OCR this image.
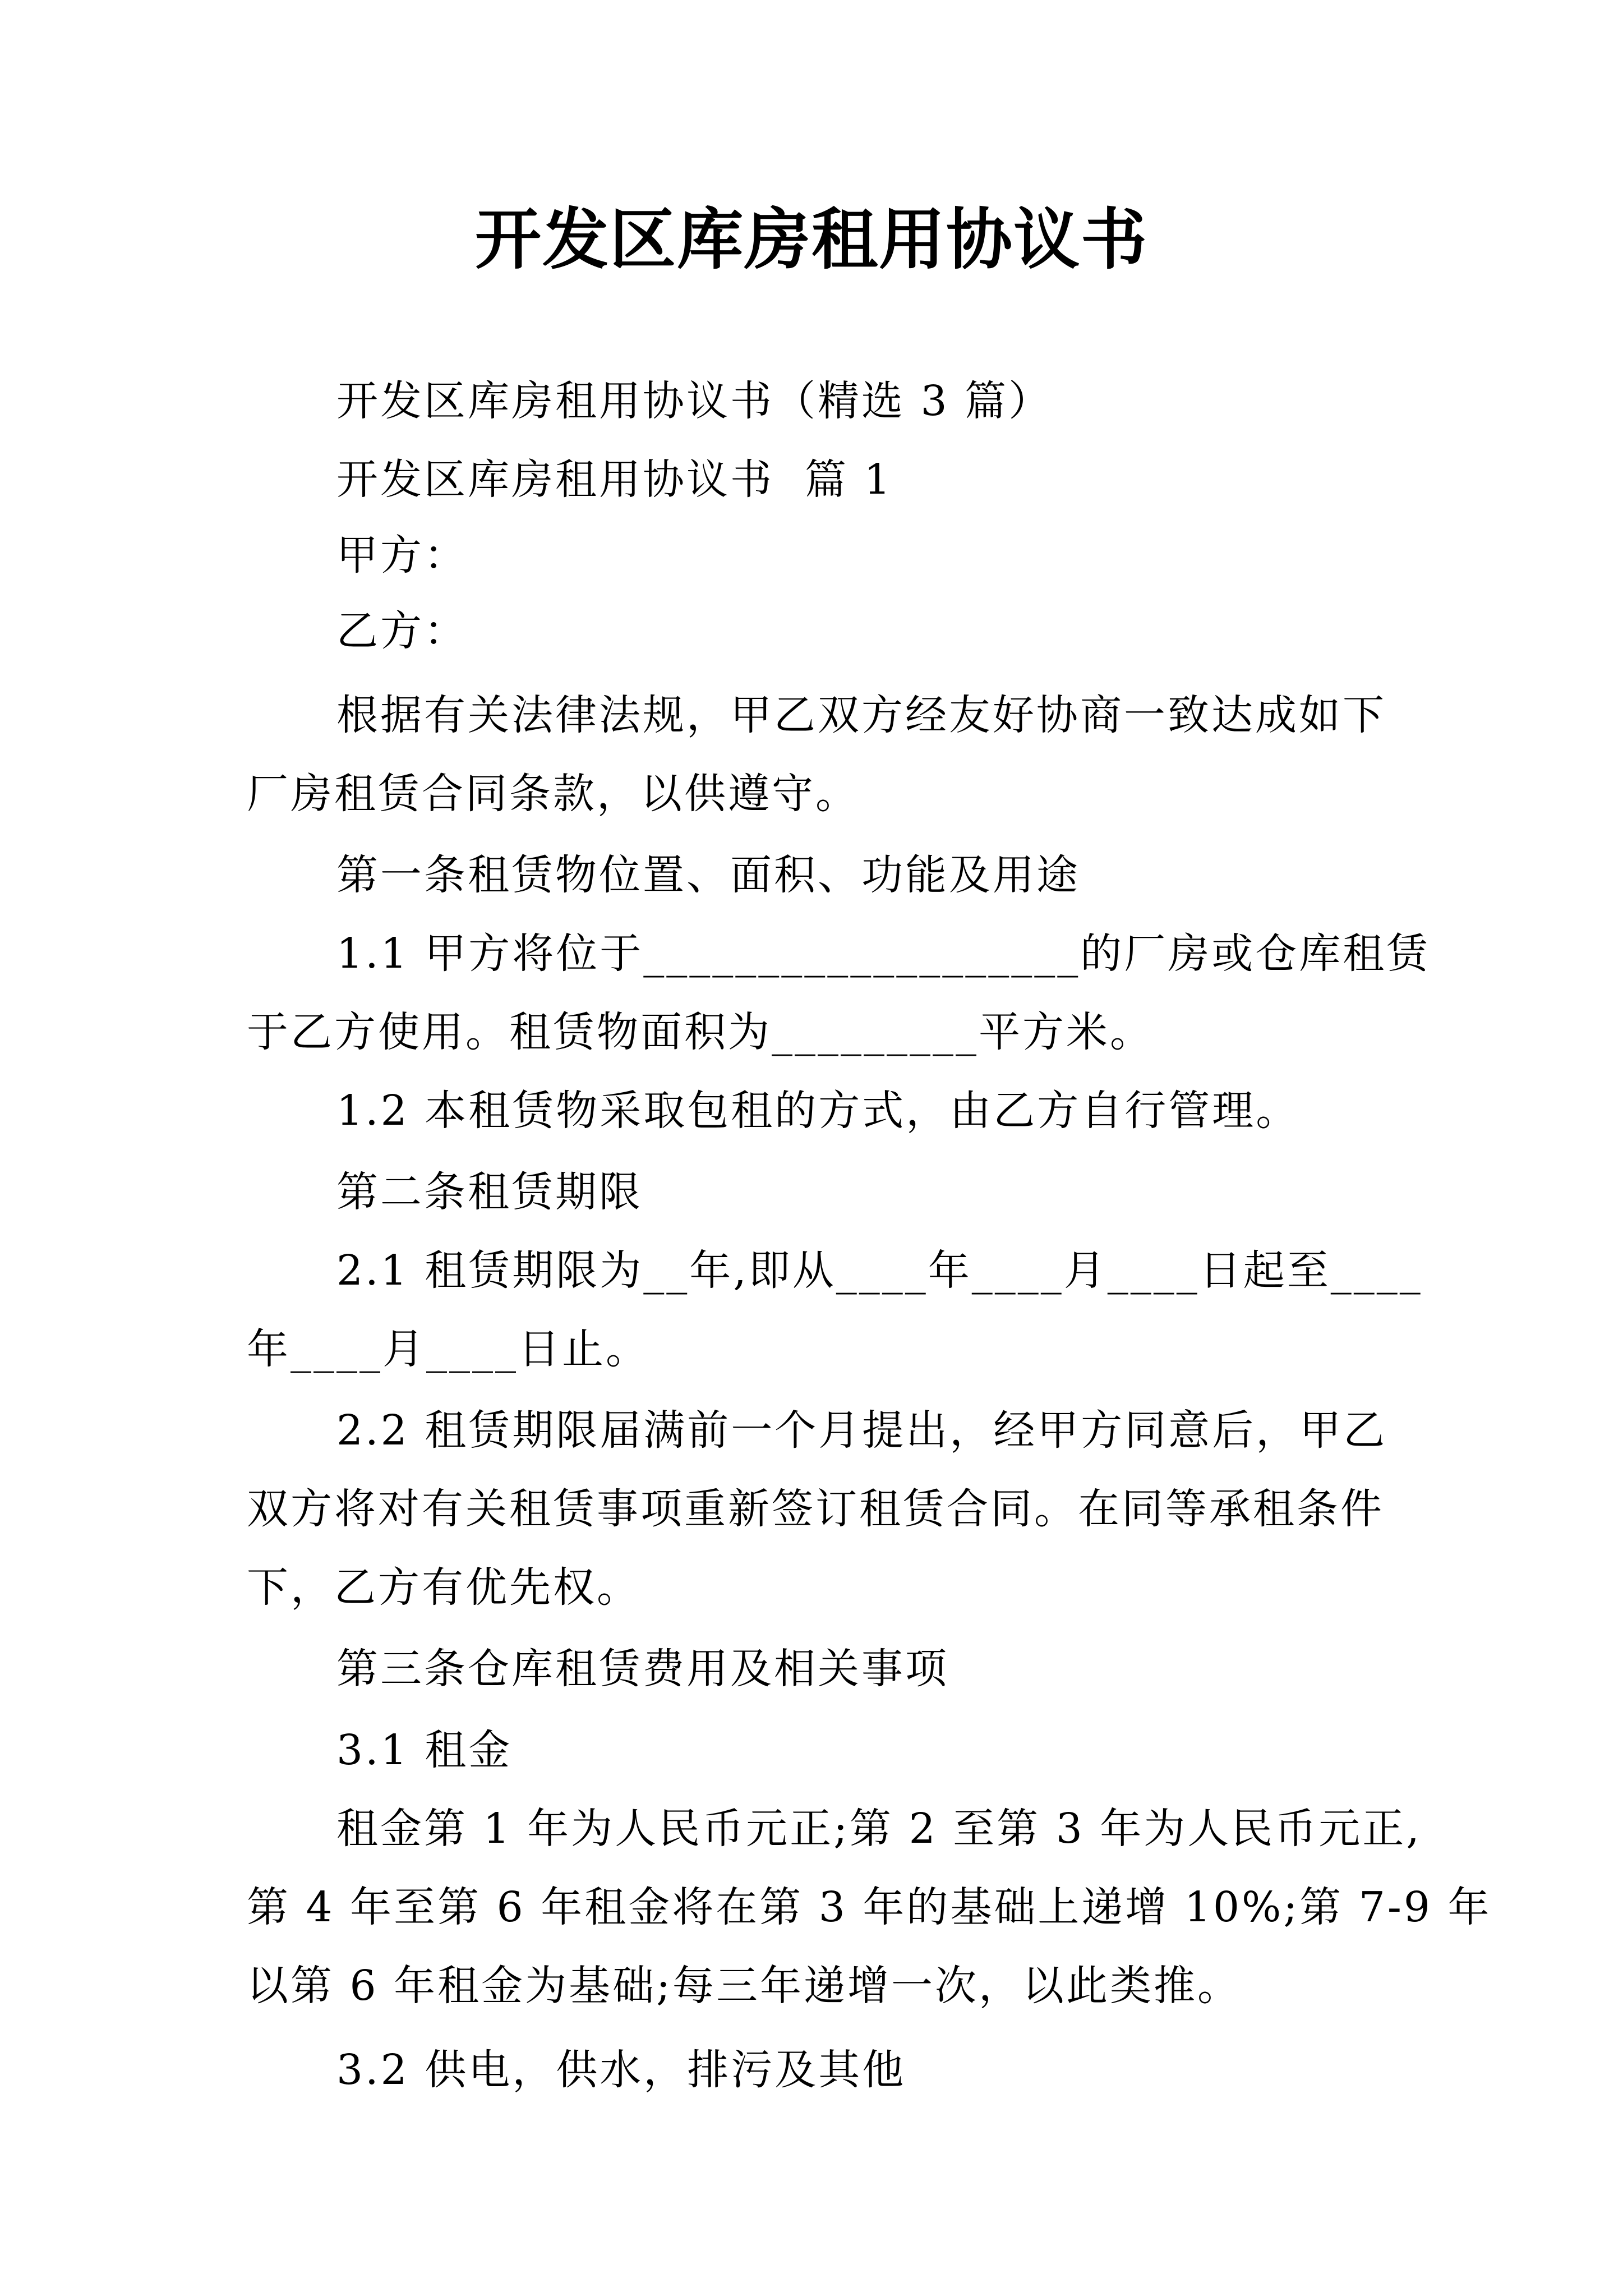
开发区库房租用协议书
开发区库房租用协议书（精选 3 篇）
开发区库房租用协议书  篇 1
甲方：
乙方：
根据有关法律法规，甲乙双方经友好协商一致达成如下
厂房租赁合同条款，以供遵守。
第一条租赁物位置、面积、功能及用途
1.1 甲方将位于___________________的厂房或仓库租赁
于乙方使用。租赁物面积为_________平方米。
1.2 本租赁物采取包租的方式，由乙方自行管理。
第二条租赁期限
2.1 租赁期限为__年,即从____年____月____日起至____
年____月____日止。
2.2 租赁期限届满前一个月提出，经甲方同意后，甲乙
双方将对有关租赁事项重新签订租赁合同。在同等承租条件
下，乙方有优先权。
第三条仓库租赁费用及相关事项
3.1 租金
租金第 1 年为人民币元正;第 2 至第 3 年为人民币元正,
第 4 年至第 6 年租金将在第 3 年的基础上递增 10%;第 7-9 年
以第 6 年租金为基础;每三年递增一次，以此类推。
3.2 供电，供水，排污及其他
